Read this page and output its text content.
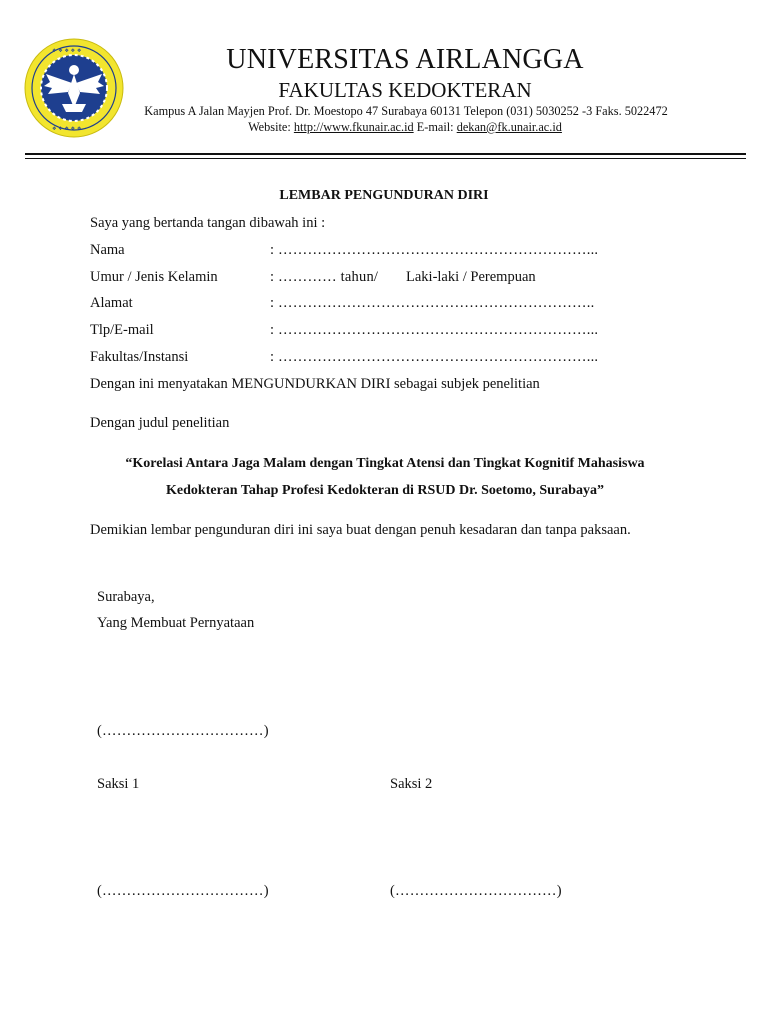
❖ ❖ ❖ ❖ ❖
❖ ❖ ❖ ❖ ❖
UNIVERSITAS AIRLANGGA
FAKULTAS KEDOKTERAN
Kampus A Jalan Mayjen Prof. Dr. Moestopo 47 Surabaya 60131 Telepon (031) 5030252 -3 Faks. 5022472
Website: http://www.fkunair.ac.id E-mail: dekan@fk.unair.ac.id
LEMBAR PENGUNDURAN DIRI
Saya yang bertanda tangan dibawah ini :
Nama	: ………………………………………………………...
Umur / Jenis Kelamin	: ………… tahun/ Laki-laki / Perempuan
Alamat	: ………………………………………………………..
Tlp/E-mail	: ………………………………………………………...
Fakultas/Instansi	: ………………………………………………………...
Dengan ini menyatakan MENGUNDURKAN DIRI sebagai subjek penelitian
Dengan judul penelitian
“Korelasi Antara Jaga Malam dengan Tingkat Atensi dan Tingkat Kognitif Mahasiswa
Kedokteran Tahap Profesi Kedokteran di RSUD Dr. Soetomo, Surabaya”
Demikian lembar pengunduran diri ini saya buat dengan penuh kesadaran dan tanpa paksaan.
Surabaya,
Yang Membuat Pernyataan
(……………………………)
Saksi 1	Saksi 2
(……………………………)	(……………………………)
